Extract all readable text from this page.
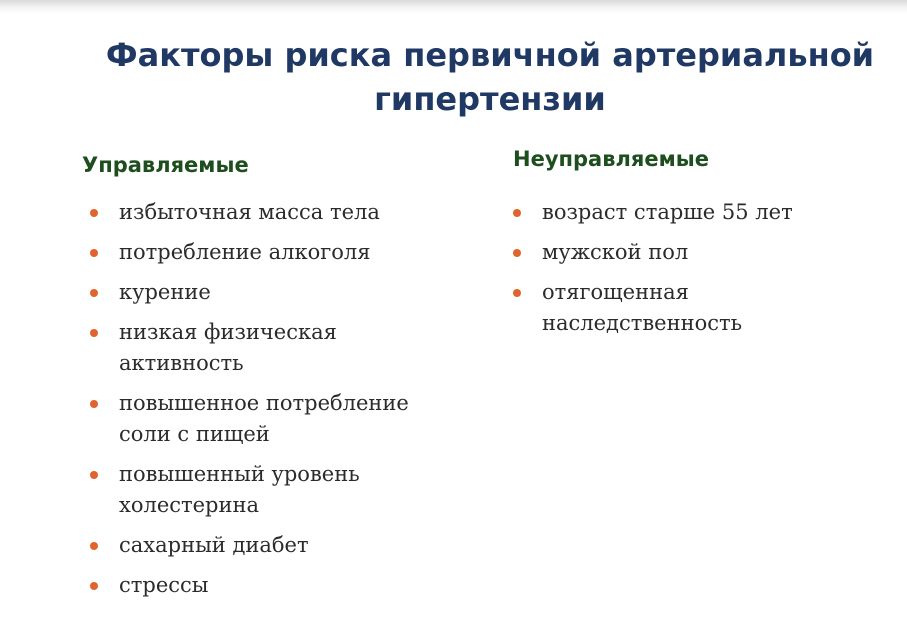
Факторы риска первичной артериальной гипертензии
Управляемые
избыточная масса тела
потребление алкоголя
курение
низкая физическая активность
повышенное потребление соли с пищей
повышенный уровень холестерина
сахарный диабет
стрессы
Неуправляемые
возраст старше 55 лет
мужской пол
отягощенная наследственность
